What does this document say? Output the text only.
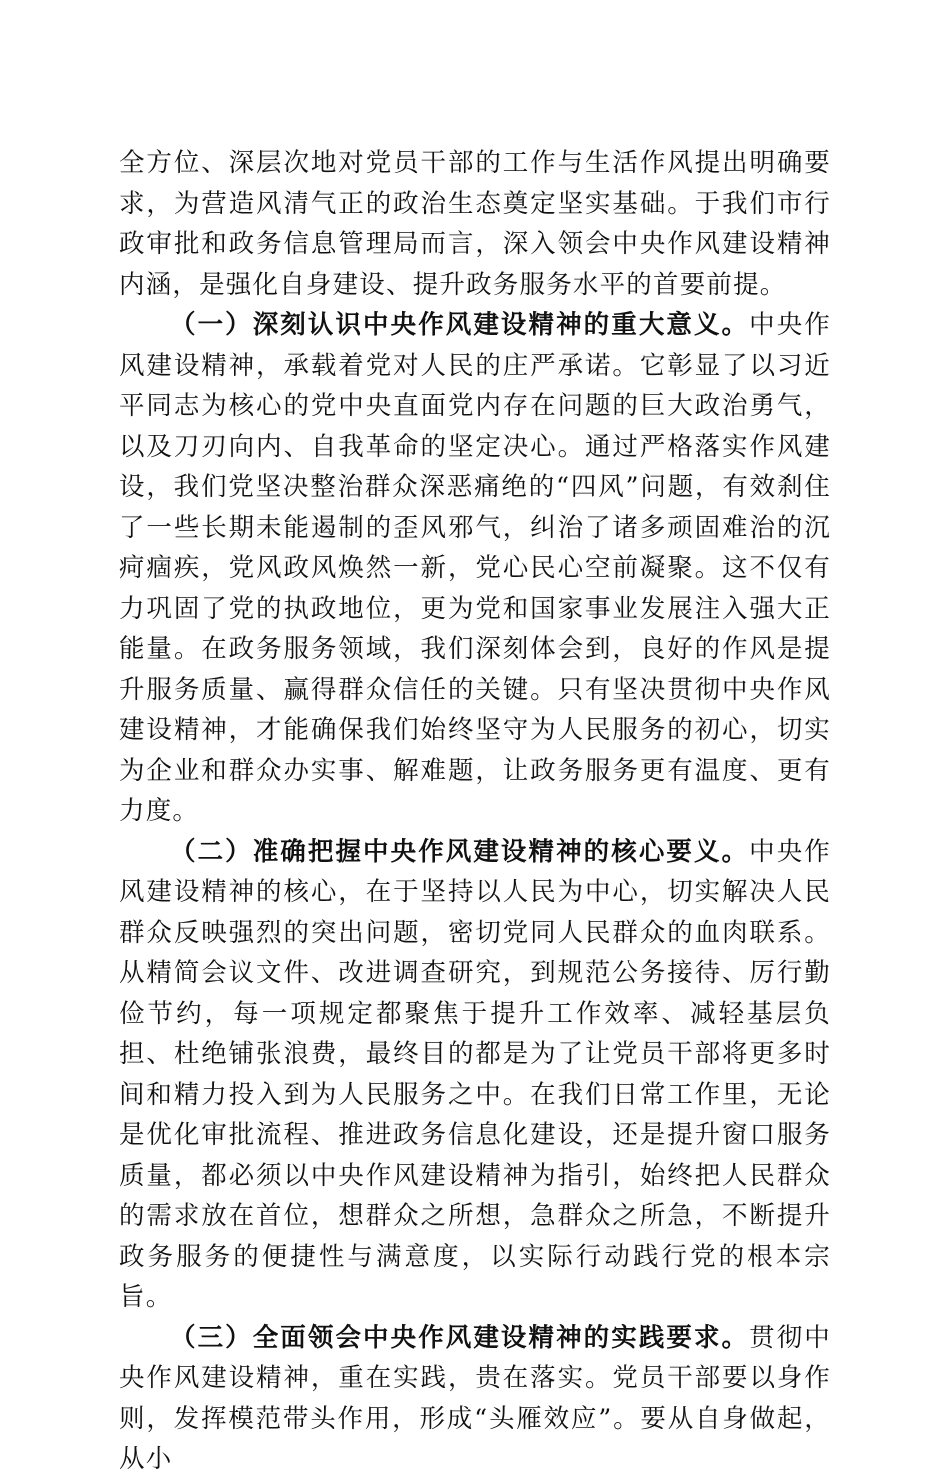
全方位、深层次地对党员干部的工作与生活作风提出明确要求，为营造风清气正的政治生态奠定坚实基础。于我们市行政审批和政务信息管理局而言，深入领会中央作风建设精神内涵，是强化自身建设、提升政务服务水平的首要前提。

（一）深刻认识中央作风建设精神的重大意义。中央作风建设精神，承载着党对人民的庄严承诺。它彰显了以习近平同志为核心的党中央直面党内存在问题的巨大政治勇气，以及刀刃向内、自我革命的坚定决心。通过严格落实作风建设，我们党坚决整治群众深恶痛绝的“四风”问题，有效刹住了一些长期未能遏制的歪风邪气，纠治了诸多顽固难治的沉疴痼疾，党风政风焕然一新，党心民心空前凝聚。这不仅有力巩固了党的执政地位，更为党和国家事业发展注入强大正能量。在政务服务领域，我们深刻体会到，良好的作风是提升服务质量、赢得群众信任的关键。只有坚决贯彻中央作风建设精神，才能确保我们始终坚守为人民服务的初心，切实为企业和群众办实事、解难题，让政务服务更有温度、更有力度。

（二）准确把握中央作风建设精神的核心要义。中央作风建设精神的核心，在于坚持以人民为中心，切实解决人民群众反映强烈的突出问题，密切党同人民群众的血肉联系。从精简会议文件、改进调查研究，到规范公务接待、厉行勤俭节约，每一项规定都聚焦于提升工作效率、减轻基层负担、杜绝铺张浪费，最终目的都是为了让党员干部将更多时间和精力投入到为人民服务之中。在我们日常工作里，无论是优化审批流程、推进政务信息化建设，还是提升窗口服务质量，都必须以中央作风建设精神为指引，始终把人民群众的需求放在首位，想群众之所想，急群众之所急，不断提升政务服务的便捷性与满意度，以实际行动践行党的根本宗旨。

（三）全面领会中央作风建设精神的实践要求。贯彻中央作风建设精神，重在实践，贵在落实。党员干部要以身作则，发挥模范带头作用，形成“头雁效应”。要从自身做起，从小
